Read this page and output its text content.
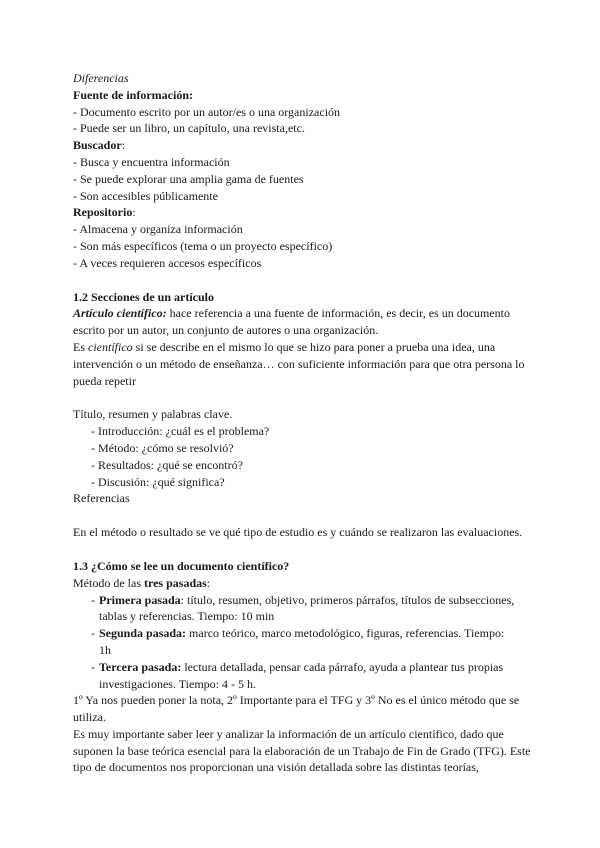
Diferencias
Fuente de información:
- Documento escrito por un autor/es o una organización
- Puede ser un libro, un capítulo, una revista,etc.
Buscador:
- Busca y encuentra información
- Se puede explorar una amplia gama de fuentes
- Son accesibles públicamente
Repositorio:
- Almacena y organiza información
- Son más específicos (tema o un proyecto específico)
- A veces requieren accesos específicos
1.2 Secciones de un artículo
Artículo científico: hace referencia a una fuente de información, es decir, es un documento escrito por un autor, un conjunto de autores o una organización.
Es científico si se describe en el mismo lo que se hizo para poner a prueba una idea, una intervención o un método de enseñanza… con suficiente información para que otra persona lo pueda repetir
Título, resumen y palabras clave.
- Introducción: ¿cuál es el problema?
- Método: ¿cómo se resolvió?
- Resultados: ¿qué se encontró?
- Discusión: ¿qué significa?
Referencias
En el método o resultado se ve qué tipo de estudio es y cuándo se realizaron las evaluaciones.
1.3 ¿Cómo se lee un documento científico?
Método de las tres pasadas:
- Primera pasada: título, resumen, objetivo, primeros párrafos, títulos de subsecciones, tablas y referencias. Tiempo: 10 min
- Segunda pasada: marco teórico, marco metodológico, figuras, referencias. Tiempo: 1h
- Tercera pasada: lectura detallada, pensar cada párrafo, ayuda a plantear tus propias investigaciones. Tiempo: 4 - 5 h.
1º Ya nos pueden poner la nota, 2º Importante para el TFG y 3º No es el único método que se utiliza.
Es muy importante saber leer y analizar la información de un artículo científico, dado que suponen la base teórica esencial para la elaboración de un Trabajo de Fin de Grado (TFG). Este tipo de documentos nos proporcionan una visión detallada sobre las distintas teorías,
